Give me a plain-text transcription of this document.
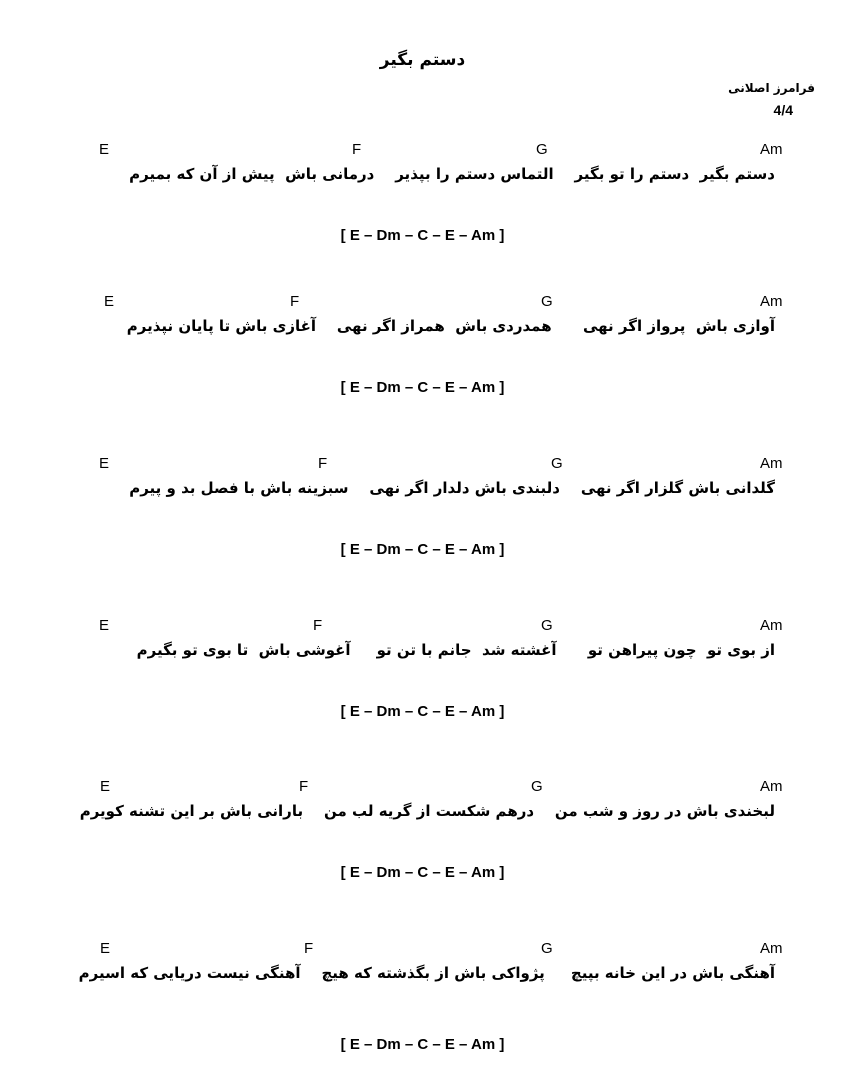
دستم بگیر
فرامرز اصلانی
4/4
E	F	G	Am
دستم بگیر  دستم را تو بگیر    التماس دستم را بپذیر    درمانی باش  پیش از آن که بمیرم
[ E – Dm – C – E – Am ]
E	F	G	Am
آوازی باش  پرواز اگر نهی      همدردی باش  همراز اگر نهی    آغازی باش تا پایان نپذیرم
[ E – Dm – C – E – Am ]
E	F	G	Am
گلدانی باش گلزار اگر نهی    دلبندی باش دلدار اگر نهی    سبزینه باش با فصل بد و پیرم
[ E – Dm – C – E – Am ]
E	F	G	Am
از بوی تو  چون پیراهن تو      آغشته شد  جانم با تن تو     آغوشی باش  تا بوی تو بگیرم
[ E – Dm – C – E – Am ]
E	F	G	Am
لبخندی باش در روز و شب من    درهم شکست از گریه لب من    بارانی باش بر این تشنه کویرم
[ E – Dm – C – E – Am ]
E	F	G	Am
آهنگی باش در این خانه بپیچ     پژواکی باش از بگذشته که هیچ    آهنگی نیست دریایی که اسیرم
[ E – Dm – C – E – Am ]
